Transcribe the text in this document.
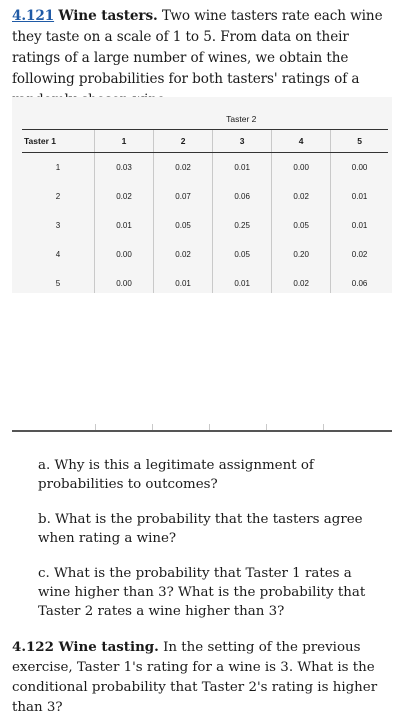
4.121 Wine tasters. Two wine tasters rate each wine they taste on a scale of 1 to 5. From data on their ratings of a large number of wines, we obtain the following probabilities for both tasters' ratings of a
	Taster 2				
Taster 1	1	2	3	4	5
1	0.03	0.02	0.01	0.00	0.00
2	0.02	0.07	0.06	0.02	0.01
3	0.01	0.05	0.25	0.05	0.01
4	0.00	0.02	0.05	0.20	0.02
5	0.00	0.01	0.01	0.02	0.06
a. Why is this a legitimate assignment of probabilities to outcomes?
b. What is the probability that the tasters agree when rating a wine?
c. What is the probability that Taster 1 rates a wine higher than 3? What is the probability that Taster 2 rates a wine higher than 3?
4.122 Wine tasting. In the setting of the previous exercise, Taster 1's rating for a wine is 3. What is the conditional probability that Taster 2's rating is higher than 3?
